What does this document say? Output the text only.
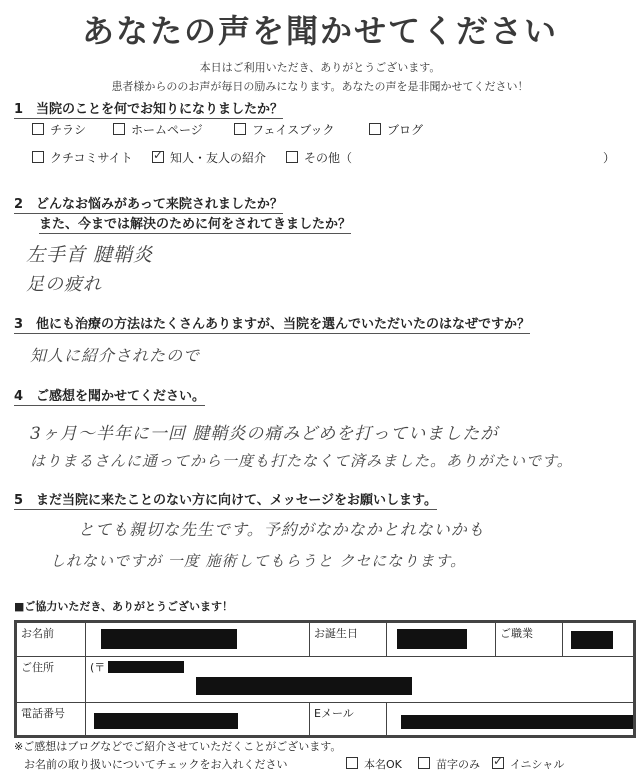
あなたの声を聞かせてください
本日はご利用いただき、ありがとうございます。
患者様からののお声が毎日の励みになります。あなたの声を是非聞かせてください！
1　当院のことを何でお知りになりましたか？
チラシ	ホームページ	フェイスブック	ブログ
クチコミサイト ✓	知人・友人の紹介	その他（	）
2　どんなお悩みがあって来院されましたか？
また、今までは解決のために何をされてきましたか？
左手首 腱鞘炎
足の疲れ
3　他にも治療の方法はたくさんありますが、当院を選んでいただいたのはなぜですか？
知人に紹介されたので
4　ご感想を聞かせてください。
3ヶ月～半年に一回 腱鞘炎の痛みどめを打っていましたが
はりまるさんに通ってから一度も打たなくて済みました。ありがたいです。
5　まだ当院に来たことのない方に向けて、メッセージをお願いします。
とても親切な先生です。予約がなかなかとれないかも
しれないですが 一度 施術してもらうと クセになります。
■ご協力いただき、ありがとうございます！
お名前		お誕生日		ご職業	

ご住所	(〒				

電話番号		Eメール			
※ご感想はブログなどでご紹介させていただくことがございます。
お名前の取り扱いについてチェックをお入れください	本名OK	苗字のみ ✓	イニシャル
